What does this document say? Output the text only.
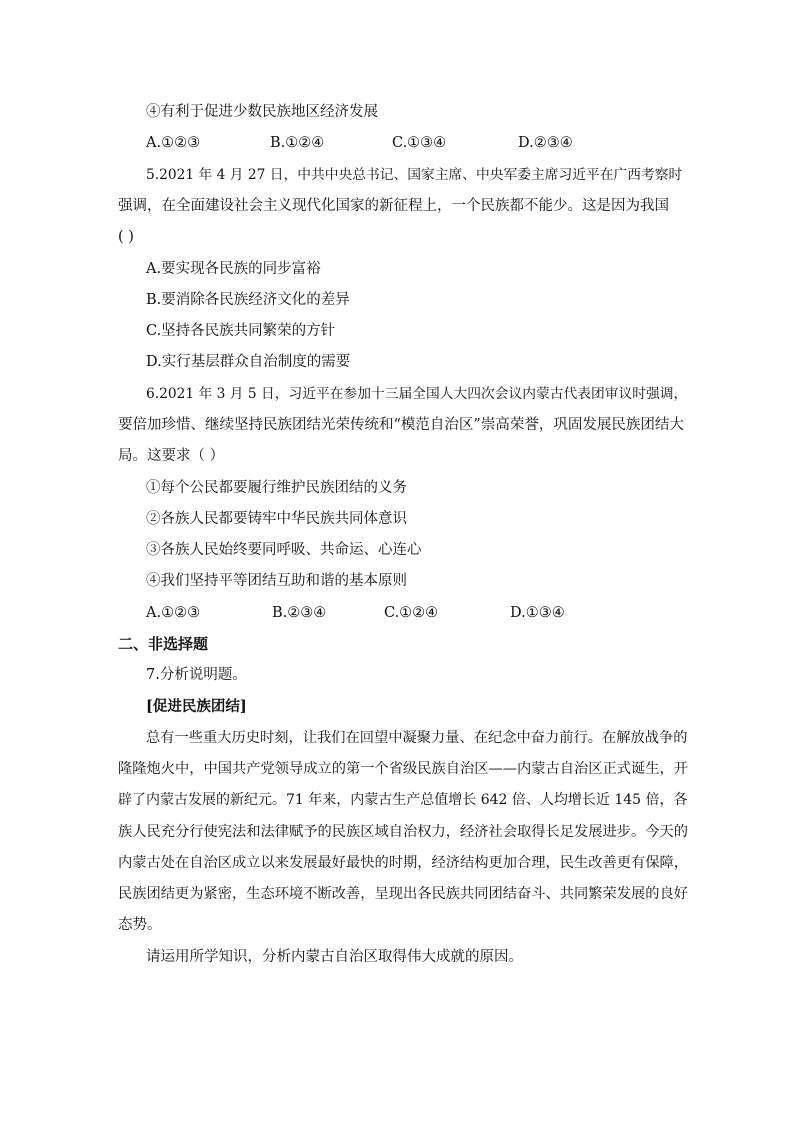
④有利于促进少数民族地区经济发展
A.①②③	B.①②④	C.①③④	D.②③④
5.2021 年 4 月 27 日，中共中央总书记、国家主席、中央军委主席习近平在广西考察时
强调，在全面建设社会主义现代化国家的新征程上，一个民族都不能少。这是因为我国
( )
A.要实现各民族的同步富裕
B.要消除各民族经济文化的差异
C.坚持各民族共同繁荣的方针
D.实行基层群众自治制度的需要
6.2021 年 3 月 5 日，习近平在参加十三届全国人大四次会议内蒙古代表团审议时强调，
要倍加珍惜、继续坚持民族团结光荣传统和“模范自治区”崇高荣誉，巩固发展民族团结大
局。这要求（ ）
①每个公民都要履行维护民族团结的义务
②各族人民都要铸牢中华民族共同体意识
③各族人民始终要同呼吸、共命运、心连心
④我们坚持平等团结互助和谐的基本原则
A.①②③	B.②③④	C.①②④	D.①③④
二、非选择题
7.分析说明题。
[促进民族团结]
总有一些重大历史时刻，让我们在回望中凝聚力量、在纪念中奋力前行。在解放战争的
隆隆炮火中，中国共产党领导成立的第一个省级民族自治区——内蒙古自治区正式诞生，开
辟了内蒙古发展的新纪元。71 年来，内蒙古生产总值增长 642 倍、人均增长近 145 倍，各
族人民充分行使宪法和法律赋予的民族区域自治权力，经济社会取得长足发展进步。今天的
内蒙古处在自治区成立以来发展最好最快的时期，经济结构更加合理，民生改善更有保障，
民族团结更为紧密，生态环境不断改善，呈现出各民族共同团结奋斗、共同繁荣发展的良好
态势。
请运用所学知识，分析内蒙古自治区取得伟大成就的原因。
